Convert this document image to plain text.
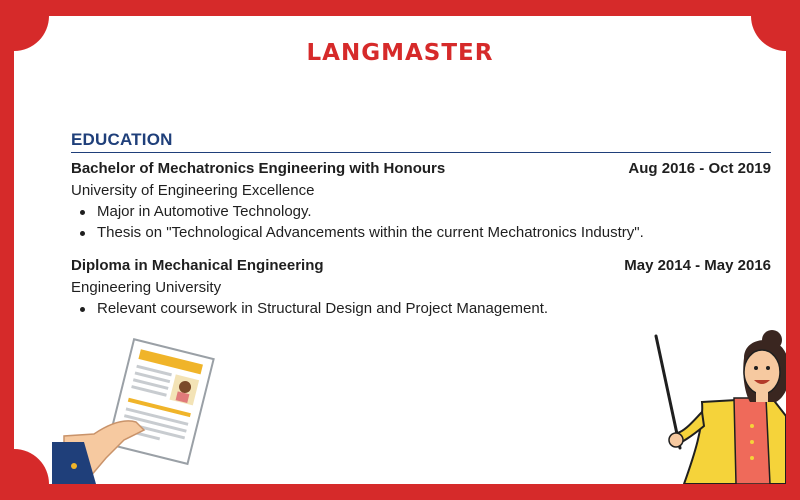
LANGMASTER
EDUCATION
Bachelor of Mechatronics Engineering with Honours	Aug 2016 - Oct 2019
University of Engineering Excellence
Major in Automotive Technology.
Thesis on "Technological Advancements within the current Mechatronics Industry".
Diploma in Mechanical Engineering	May 2014 - May 2016
Engineering University
Relevant coursework in Structural Design and Project Management.
